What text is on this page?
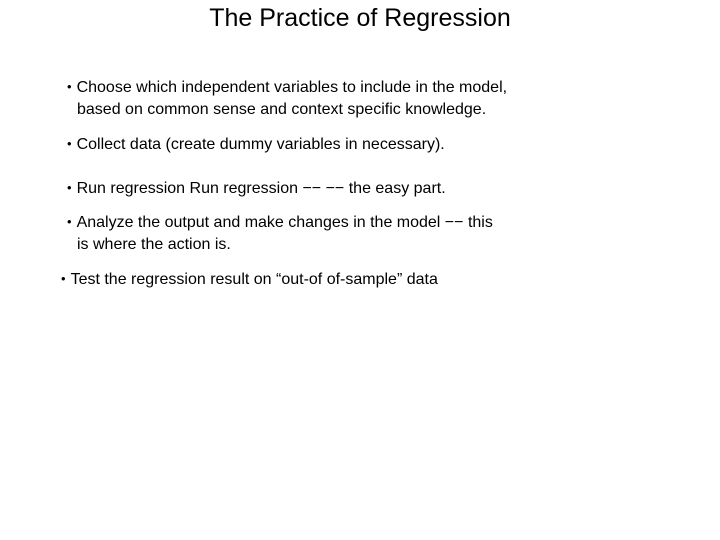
The Practice of Regression
• Choose which independent variables to include in the model,
based on common sense and context specific knowledge.
• Collect data (create dummy variables in necessary).
• Run regression Run regression −− −− the easy part.
• Analyze the output and make changes in the model −− this
is where the action is.
• Test the regression result on “out-of of-sample” data
